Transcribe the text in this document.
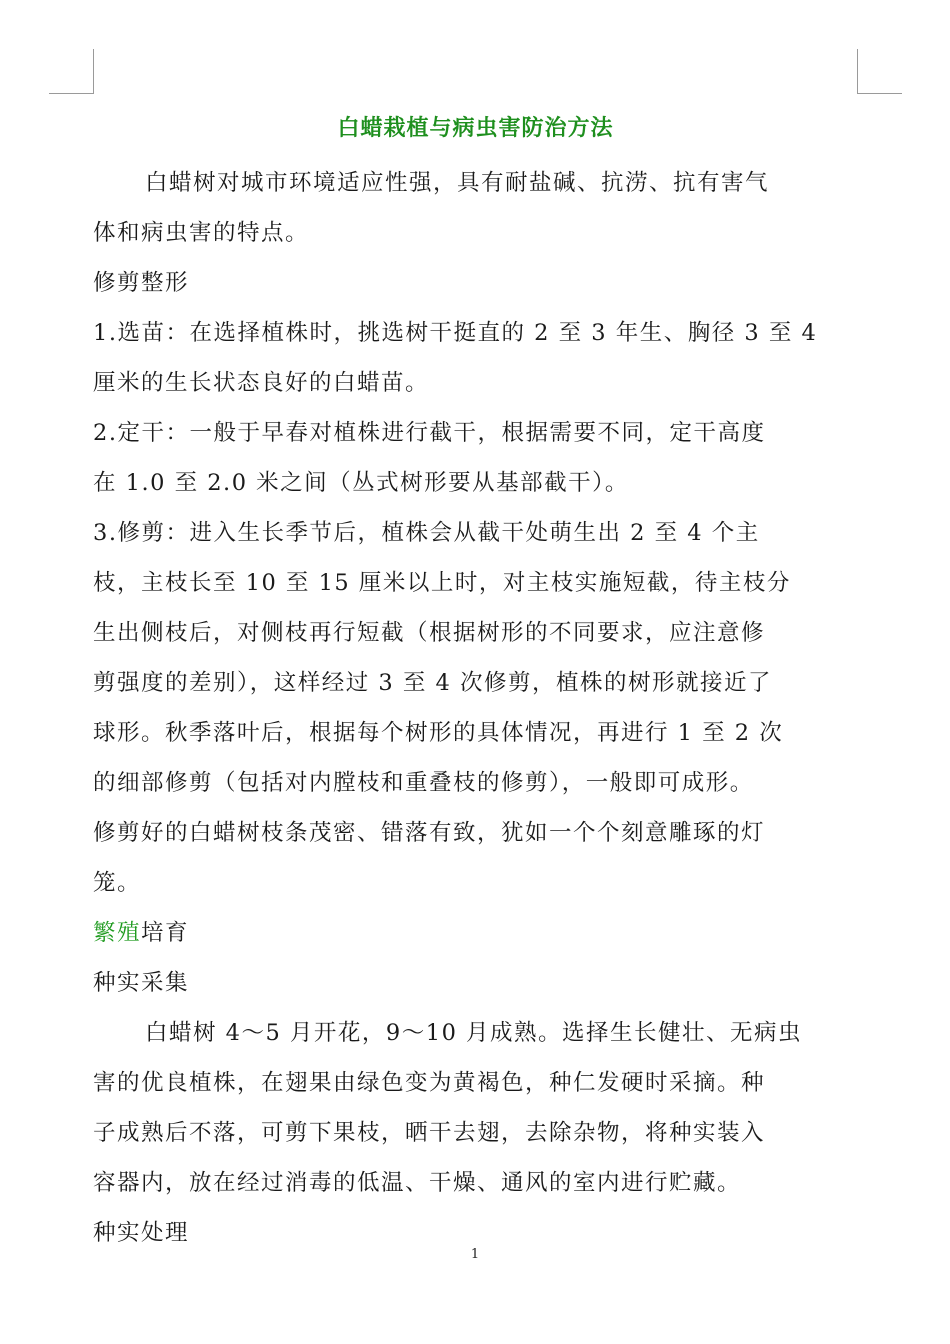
白蜡栽植与病虫害防治方法
白蜡树对城市环境适应性强，具有耐盐碱、抗涝、抗有害气
体和病虫害的特点。
修剪整形
1.选苗：在选择植株时，挑选树干挺直的 2 至 3 年生、胸径 3 至 4
厘米的生长状态良好的白蜡苗。
2.定干：一般于早春对植株进行截干，根据需要不同，定干高度
在 1.0 至 2.0 米之间（丛式树形要从基部截干）。
3.修剪：进入生长季节后，植株会从截干处萌生出 2 至 4 个主
枝，主枝长至 10 至 15 厘米以上时，对主枝实施短截，待主枝分
生出侧枝后，对侧枝再行短截（根据树形的不同要求，应注意修
剪强度的差别），这样经过 3 至 4 次修剪，植株的树形就接近了
球形。秋季落叶后，根据每个树形的具体情况，再进行 1 至 2 次
的细部修剪（包括对内膛枝和重叠枝的修剪），一般即可成形。
修剪好的白蜡树枝条茂密、错落有致，犹如一个个刻意雕琢的灯
笼。
繁殖培育
种实采集
白蜡树 4～5 月开花，9～10 月成熟。选择生长健壮、无病虫
害的优良植株，在翅果由绿色变为黄褐色，种仁发硬时采摘。种
子成熟后不落，可剪下果枝，晒干去翅，去除杂物，将种实装入
容器内，放在经过消毒的低温、干燥、通风的室内进行贮藏。
种实处理
1
